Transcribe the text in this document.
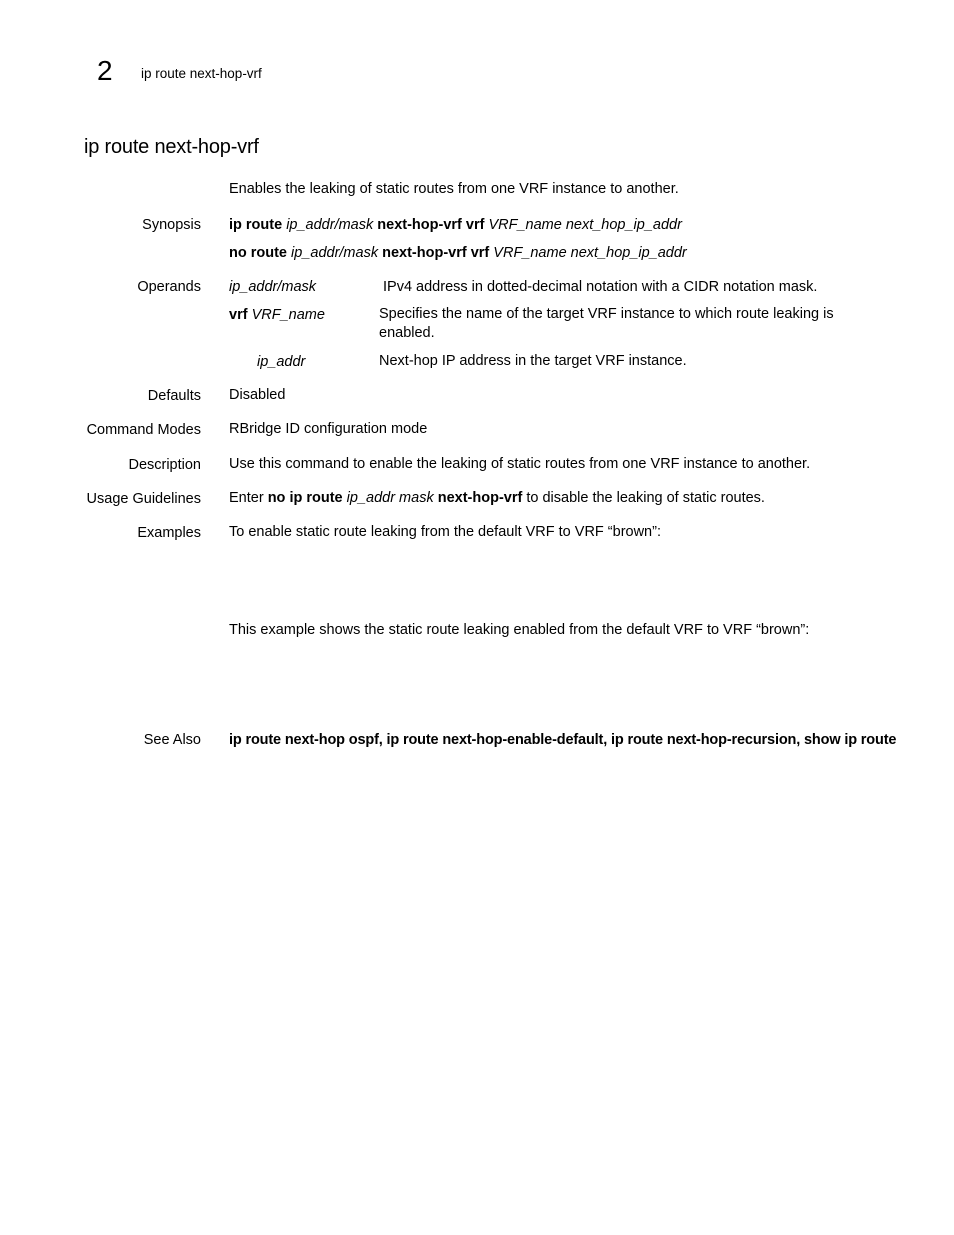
2 ip route next-hop-vrf
ip route next-hop-vrf
Enables the leaking of static routes from one VRF instance to another.
Synopsis ip route ip_addr/mask next-hop-vrf vrf VRF_name next_hop_ip_addr
no route ip_addr/mask next-hop-vrf vrf VRF_name next_hop_ip_addr
Operands ip_addr/mask	IPv4 address in dotted-decimal notation with a CIDR notation mask.
vrf VRF_name	Specifies the name of the target VRF instance to which route leaking is enabled.
ip_addr	Next-hop IP address in the target VRF instance.
Defaults Disabled
Command Modes RBridge ID configuration mode
Description Use this command to enable the leaking of static routes from one VRF instance to another.
Usage Guidelines Enter no ip route ip_addr mask next-hop-vrf to disable the leaking of static routes.
Examples To enable static route leaking from the default VRF to VRF “brown”:
This example shows the static route leaking enabled from the default VRF to VRF “brown”:
See Also ip route next-hop ospf, ip route next-hop-enable-default, ip route next-hop-recursion, show ip route
